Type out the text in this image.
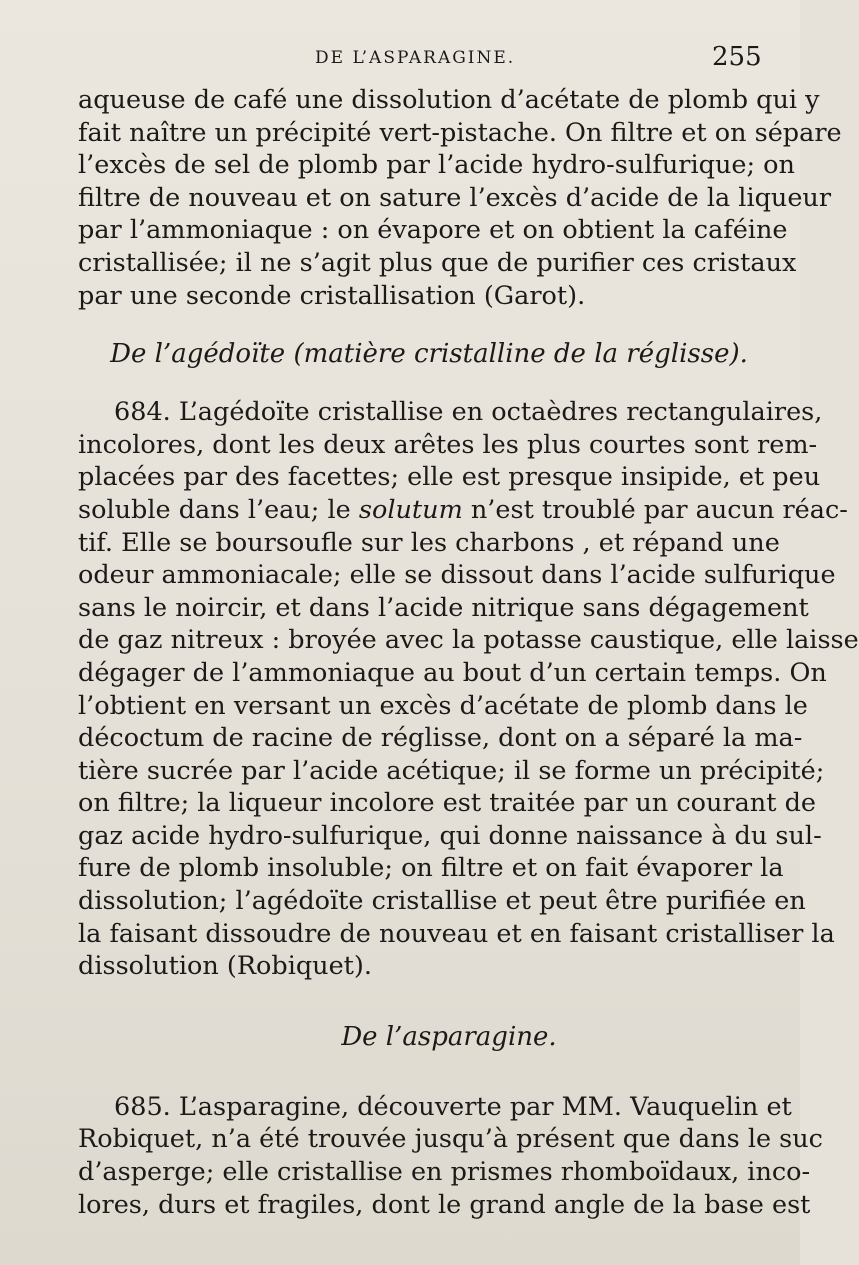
DE L’ASPARAGINE.	255
aqueuse de café une dissolution d’acétate de plomb qui y
fait naître un précipité vert-pistache. On filtre et on sépare
l’excès de sel de plomb par l’acide hydro-sulfurique; on
filtre de nouveau et on sature l’excès d’acide de la liqueur
par l’ammoniaque : on évapore et on obtient la caféine
cristallisée; il ne s’agit plus que de purifier ces cristaux
par une seconde cristallisation (Garot).
De l’agédoïte (matière cristalline de la réglisse).
684. L’agédoïte cristallise en octaèdres rectangulaires,
incolores, dont les deux arêtes les plus courtes sont rem-
placées par des facettes; elle est presque insipide, et peu
soluble dans l’eau; le solutum n’est troublé par aucun réac-
tif. Elle se boursoufle sur les charbons , et répand une
odeur ammoniacale; elle se dissout dans l’acide sulfurique
sans le noircir, et dans l’acide nitrique sans dégagement
de gaz nitreux : broyée avec la potasse caustique, elle laisse
dégager de l’ammoniaque au bout d’un certain temps. On
l’obtient en versant un excès d’acétate de plomb dans le
décoctum de racine de réglisse, dont on a séparé la ma-
tière sucrée par l’acide acétique; il se forme un précipité;
on filtre; la liqueur incolore est traitée par un courant de
gaz acide hydro-sulfurique, qui donne naissance à du sul-
fure de plomb insoluble; on filtre et on fait évaporer la
dissolution; l’agédoïte cristallise et peut être purifiée en
la faisant dissoudre de nouveau et en faisant cristalliser la
dissolution (Robiquet).
De l’asparagine.
685. L’asparagine, découverte par MM. Vauquelin et
Robiquet, n’a été trouvée jusqu’à présent que dans le suc
d’asperge; elle cristallise en prismes rhomboïdaux, inco-
lores, durs et fragiles, dont le grand angle de la base est
